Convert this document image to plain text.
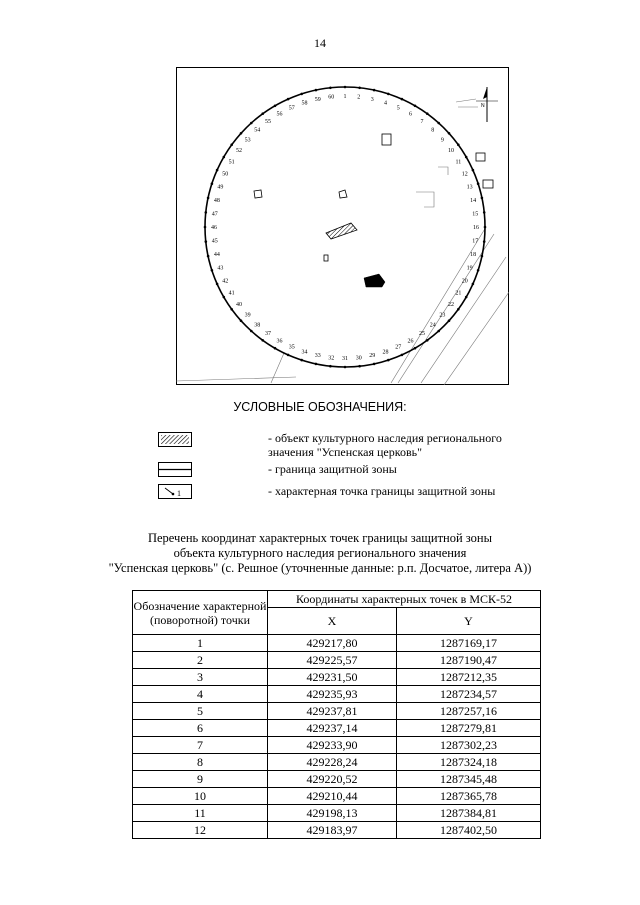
14
N
1 2 3
4
5
6
7
8
9
10
11
12
13
14
15
16
17
18
19
20
21
22
23
24
25
26
27
28
29
30
31
32
33
34
35
36
37
38
39
40
41
42
43
44
45
46
47
48
49
50
51
52
53
54
55
56
57
58
59 60
УСЛОВНЫЕ ОБОЗНАЧЕНИЯ:
- объект культурного наследия регионального значения "Успенская церковь"
- граница защитной зоны
1	- характерная точка границы защитной зоны
Перечень координат характерных точек границы защитной зоны
объекта культурного наследия регионального значения
"Успенская церковь" (с. Решное (уточненные данные: р.п. Досчатое, литера А))
Обозначение характерной (поворотной) точки	Координаты характерных точек в МСК-52	
	X	Y
1	429217,80	1287169,17
2	429225,57	1287190,47
3	429231,50	1287212,35
4	429235,93	1287234,57
5	429237,81	1287257,16
6	429237,14	1287279,81
7	429233,90	1287302,23
8	429228,24	1287324,18
9	429220,52	1287345,48
10	429210,44	1287365,78
11	429198,13	1287384,81
12	429183,97	1287402,50
